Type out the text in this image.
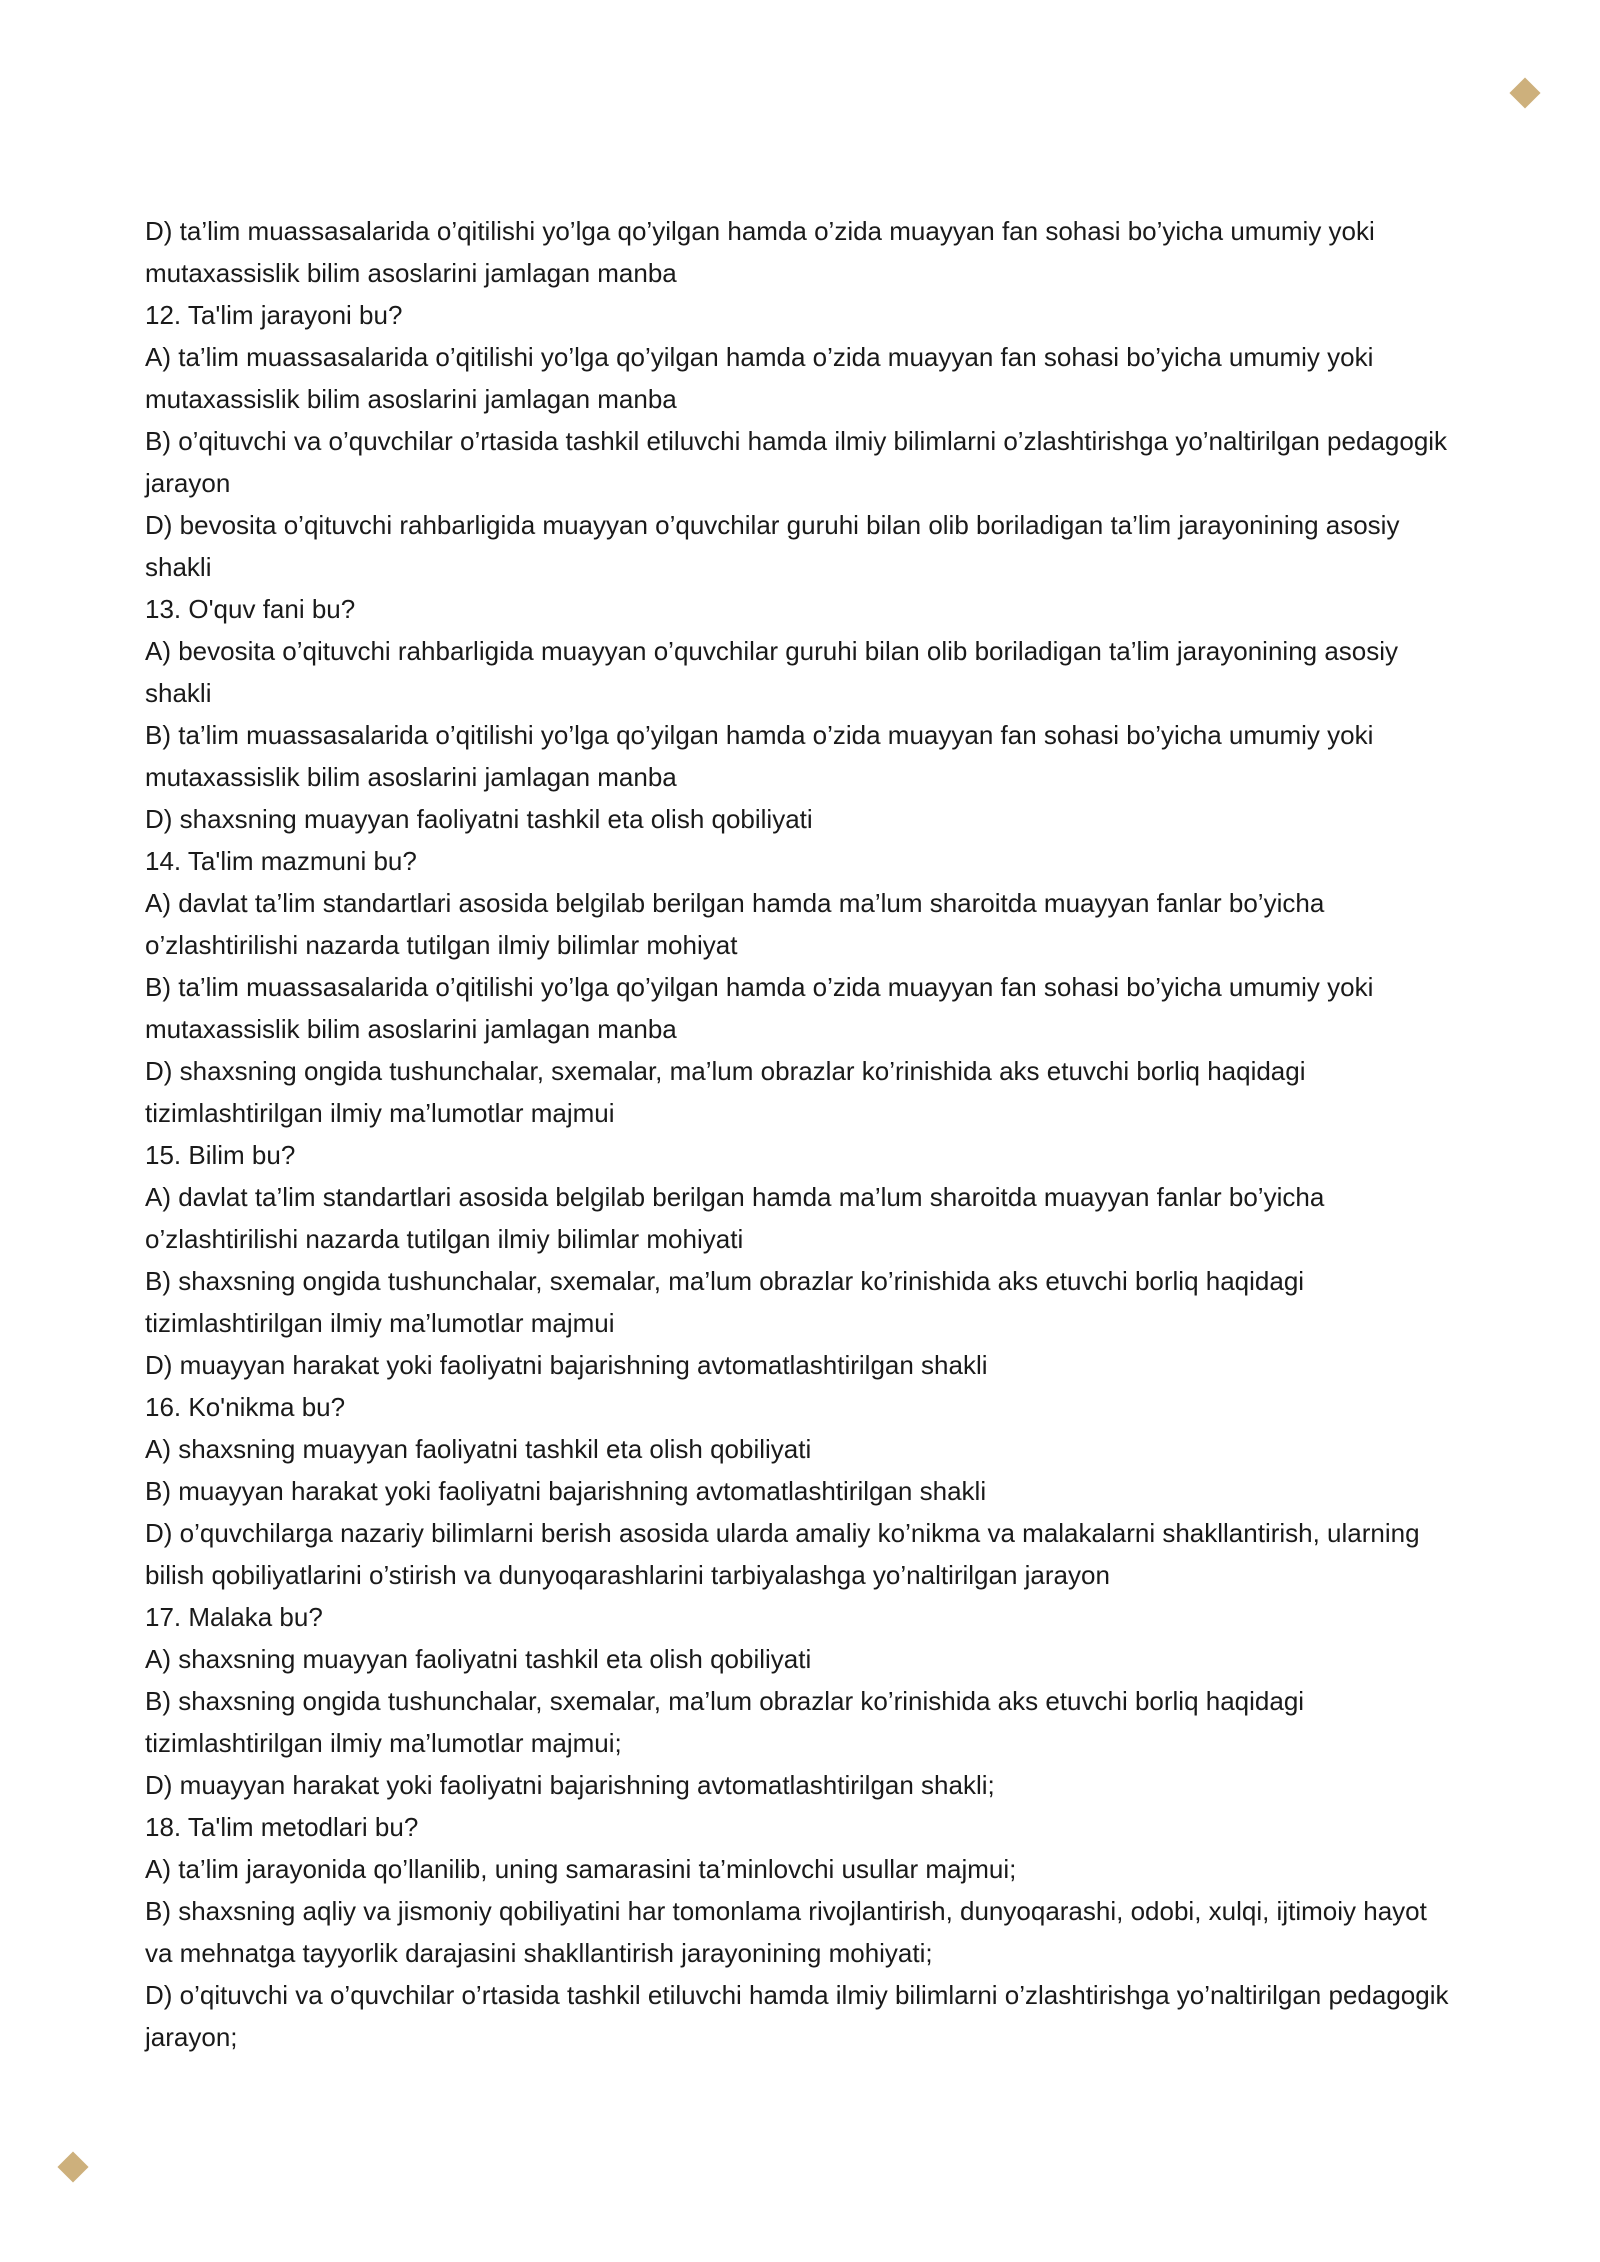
D) ta’lim muassasalarida o’qitilishi yo’lga qo’yilgan hamda o’zida muayyan fan sohasi bo’yicha umumiy yoki
mutaxassislik bilim asoslarini jamlagan manba
12. Ta'lim jarayoni bu?
A) ta’lim muassasalarida o’qitilishi yo’lga qo’yilgan hamda o’zida muayyan fan sohasi bo’yicha umumiy yoki
mutaxassislik bilim asoslarini jamlagan manba
B) o’qituvchi va o’quvchilar o’rtasida tashkil etiluvchi hamda ilmiy bilimlarni o’zlashtirishga yo’naltirilgan pedagogik
jarayon
D) bevosita o’qituvchi rahbarligida muayyan o’quvchilar guruhi bilan olib boriladigan ta’lim jarayonining asosiy
shakli
13. O'quv fani bu?
A) bevosita o’qituvchi rahbarligida muayyan o’quvchilar guruhi bilan olib boriladigan ta’lim jarayonining asosiy
shakli
B) ta’lim muassasalarida o’qitilishi yo’lga qo’yilgan hamda o’zida muayyan fan sohasi bo’yicha umumiy yoki
mutaxassislik bilim asoslarini jamlagan manba
D) shaxsning muayyan faoliyatni tashkil eta olish qobiliyati
14. Ta'lim mazmuni bu?
A) davlat ta’lim standartlari asosida belgilab berilgan hamda ma’lum sharoitda muayyan fanlar bo’yicha
o’zlashtirilishi nazarda tutilgan ilmiy bilimlar mohiyat
B) ta’lim muassasalarida o’qitilishi yo’lga qo’yilgan hamda o’zida muayyan fan sohasi bo’yicha umumiy yoki
mutaxassislik bilim asoslarini jamlagan manba
D) shaxsning ongida tushunchalar, sxemalar, ma’lum obrazlar ko’rinishida aks etuvchi borliq haqidagi
tizimlashtirilgan ilmiy ma’lumotlar majmui
15. Bilim bu?
A) davlat ta’lim standartlari asosida belgilab berilgan hamda ma’lum sharoitda muayyan fanlar bo’yicha
o’zlashtirilishi nazarda tutilgan ilmiy bilimlar mohiyati
B) shaxsning ongida tushunchalar, sxemalar, ma’lum obrazlar ko’rinishida aks etuvchi borliq haqidagi
tizimlashtirilgan ilmiy ma’lumotlar majmui
D) muayyan harakat yoki faoliyatni bajarishning avtomatlashtirilgan shakli
16. Ko'nikma bu?
A) shaxsning muayyan faoliyatni tashkil eta olish qobiliyati
B) muayyan harakat yoki faoliyatni bajarishning avtomatlashtirilgan shakli
D) o’quvchilarga nazariy bilimlarni berish asosida ularda amaliy ko’nikma va malakalarni shakllantirish, ularning
bilish qobiliyatlarini o’stirish va dunyoqarashlarini tarbiyalashga yo’naltirilgan jarayon
17. Malaka bu?
A) shaxsning muayyan faoliyatni tashkil eta olish qobiliyati
B) shaxsning ongida tushunchalar, sxemalar, ma’lum obrazlar ko’rinishida aks etuvchi borliq haqidagi
tizimlashtirilgan ilmiy ma’lumotlar majmui;
D) muayyan harakat yoki faoliyatni bajarishning avtomatlashtirilgan shakli;
18. Ta'lim metodlari bu?
A) ta’lim jarayonida qo’llanilib, uning samarasini ta’minlovchi usullar majmui;
B) shaxsning aqliy va jismoniy qobiliyatini har tomonlama rivojlantirish, dunyoqarashi, odobi, xulqi, ijtimoiy hayot
va mehnatga tayyorlik darajasini shakllantirish jarayonining mohiyati;
D) o’qituvchi va o’quvchilar o’rtasida tashkil etiluvchi hamda ilmiy bilimlarni o’zlashtirishga yo’naltirilgan pedagogik
jarayon;
